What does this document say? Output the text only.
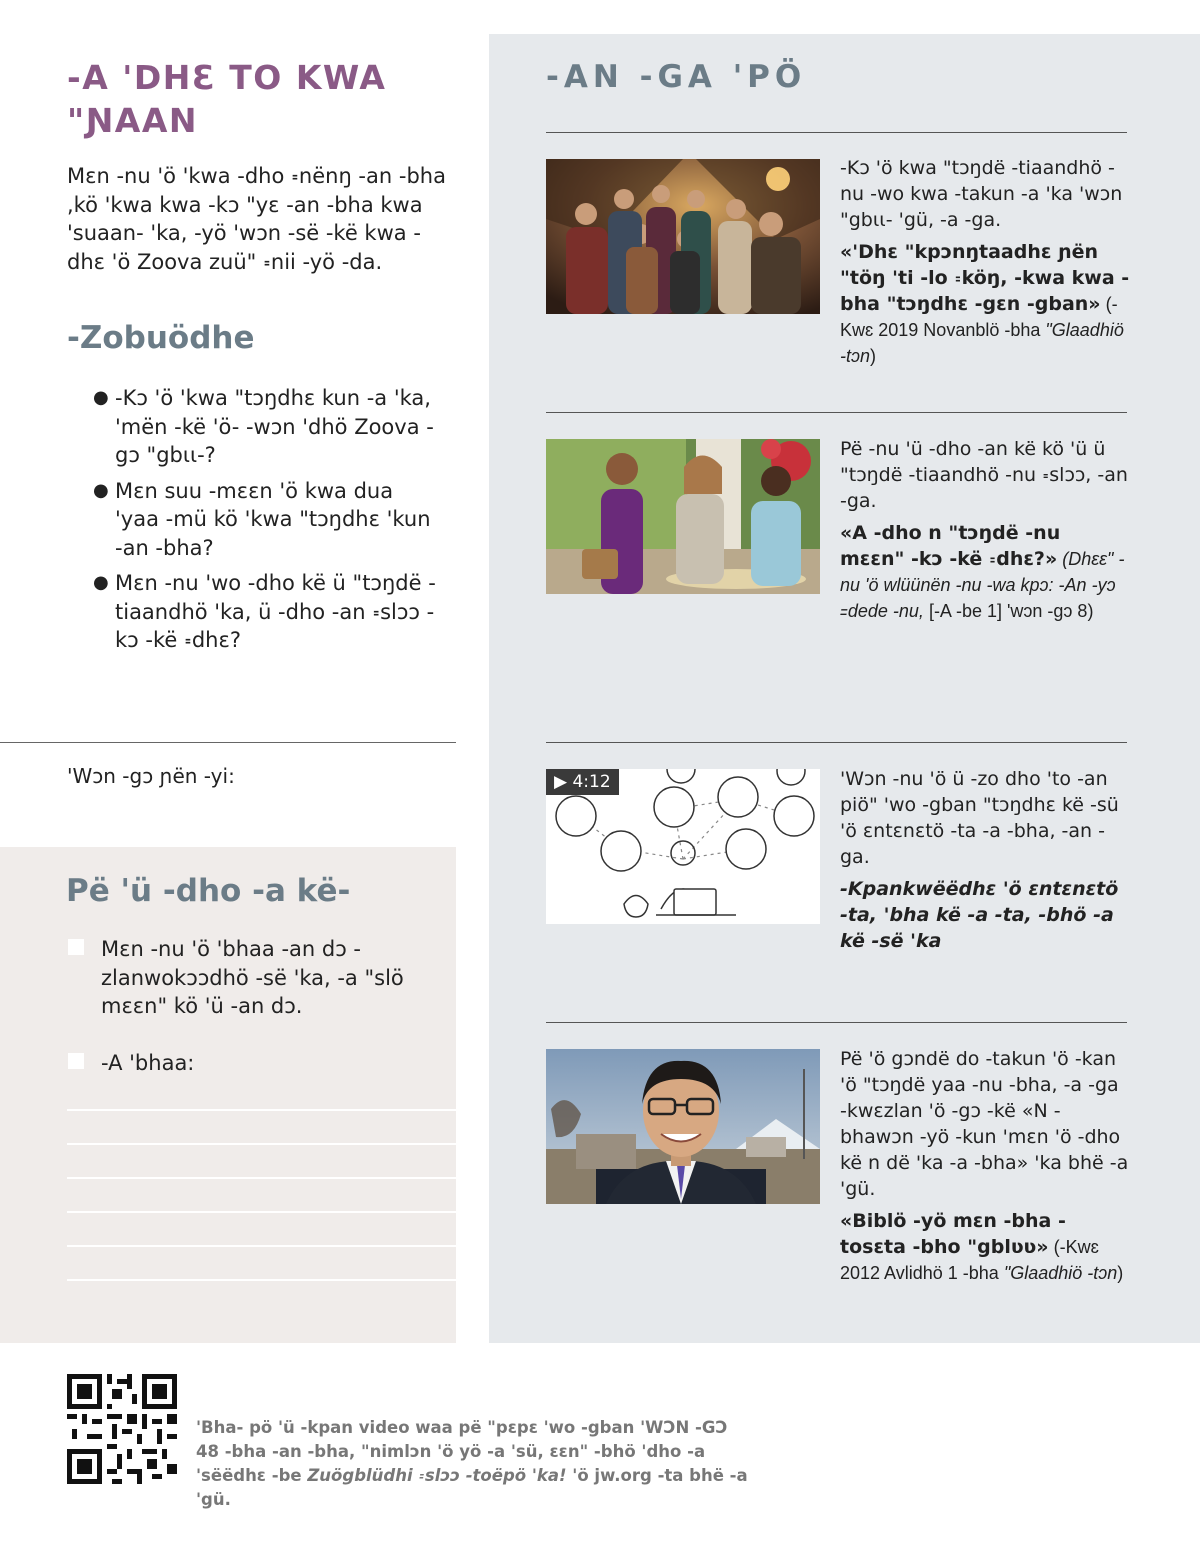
-A 'DHƐ TO KWA "ƝAAN

Mɛn -nu 'ö 'kwa -dho ꞊nënŋ -an -bha ,kö 'kwa kwa -kɔ "yɛ -an -bha kwa 'suaan- 'ka, -yö 'wɔn -së -kë kwa -dhɛ 'ö Zoova zuü" ꞊nii -yö -da.

-Zobuödhe
● -Kɔ 'ö 'kwa "tɔŋdhɛ kun -a 'ka, 'mën -kë 'ö- -wɔn 'dhö Zoova -gɔ "gbɩɩ-?
● Mɛn suu -mɛɛn 'ö kwa dua 'yaa -mü kö 'kwa "tɔŋdhɛ 'kun -an -bha?
● Mɛn -nu 'wo -dho kë ü "tɔŋdë -tiaandhö 'ka, ü -dho -an ꞊slɔɔ -kɔ -kë ꞊dhɛ?
'Wɔn -gɔ ɲën -yi:
Pë 'ü -dho -a kë-
Mɛn -nu 'ö 'bhaa -an dɔ -zlanwokɔɔdhö -së 'ka, -a "slö mɛɛn" kö 'ü -an dɔ.
-A 'bhaa:
-AN -GA 'PÖ
-Kɔ 'ö kwa "tɔŋdë -tiaandhö -nu -wo kwa -takun -a 'ka 'wɔn "gbɩɩ- 'gü, -a -ga.
«'Dhɛ "kpɔnŋtaadhɛ ɲën "töŋ 'ti -lo ꞊köŋ, -kwa kwa -bha "tɔŋdhɛ -gɛn -gban» (-Kwɛ 2019 Novanblö -bha "Glaadhiö -tɔn)
Pë -nu 'ü -dho -an kë kö 'ü ü "tɔŋdë -tiaandhö -nu ꞊slɔɔ, -an -ga.
«A -dho n "tɔŋdë -nu mɛɛn" -kɔ -kë ꞊dhɛ?» (Dhɛɛ" -nu 'ö wlüünën -nu -wa kpɔ: -An -yɔ ꞊dede -nu, [-A -be 1] 'wɔn -gɔ 8)
▶ 4:12	'Wɔn -nu 'ö ü -zo dho 'to -an piö" 'wo -gban "tɔŋdhɛ kë -sü 'ö ɛntɛnɛtö -ta -a -bha, -an -ga.
-Kpankwëëdhɛ 'ö ɛntɛnɛtö -ta, 'bha kë -a -ta, -bhö -a kë -së 'ka
Pë 'ö gɔndë do -takun 'ö -kan 'ö "tɔŋdë yaa -nu -bha, -a -ga -kwɛzlan 'ö -gɔ -kë «N -bhawɔn -yö -kun 'mɛn 'ö -dho kë n dë 'ka -a -bha» 'ka bhë -a 'gü.
«Biblö -yö mɛn -bha -tosɛta -bho "gblʋʋ» (-Kwɛ 2012 Avlidhö 1 -bha "Glaadhiö -tɔn)

'Bha- pö 'ü -kpan video waa pë "pɛpɛ 'wo -gban 'WƆN -GƆ 48 -bha -an -bha, "nimlɔn 'ö yö -a 'sü, ɛɛn" -bhö 'dho -a 'sëëdhɛ -be Zuögblüdhi ꞊slɔɔ -toëpö 'ka! 'ö jw.org -ta bhë -a 'gü.
